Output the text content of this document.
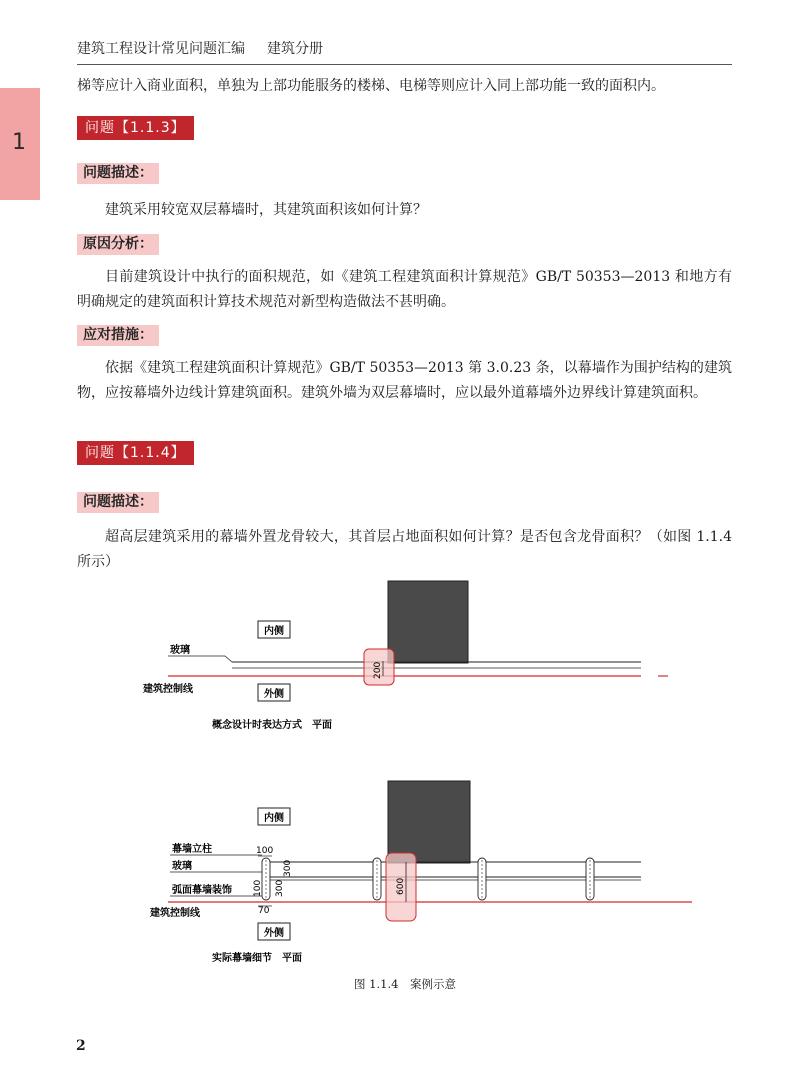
建筑工程设计常见问题汇编 建筑分册
1

梯等应计入商业面积，单独为上部功能服务的楼梯、电梯等则应计入同上部功能一致的面积内。

问题【1.1.3】
问题描述：

建筑采用较宽双层幕墙时，其建筑面积该如何计算？

原因分析：

目前建筑设计中执行的面积规范，如《建筑工程建筑面积计算规范》GB/T 50353—2013 和地方有明确规定的建筑面积计算技术规范对新型构造做法不甚明确。

应对措施：

依据《建筑工程建筑面积计算规范》GB/T 50353—2013 第 3.0.23 条，以幕墙作为围护结构的建筑物，应按幕墙外边线计算建筑面积。建筑外墙为双层幕墙时，应以最外道幕墙外边界线计算建筑面积。

问题【1.1.4】
问题描述：

超高层建筑采用的幕墙外置龙骨较大，其首层占地面积如何计算？是否包含龙骨面积？（如图 1.1.4所示）

内侧
玻璃
建筑控制线
200
外侧
概念设计时表达方式　平面
内侧
幕墙立柱
玻璃
弧面幕墙装饰
建筑控制线
600
100
300
100 300
70
外侧
实际幕墙细节　平面
图 1.1.4　案例示意
2
